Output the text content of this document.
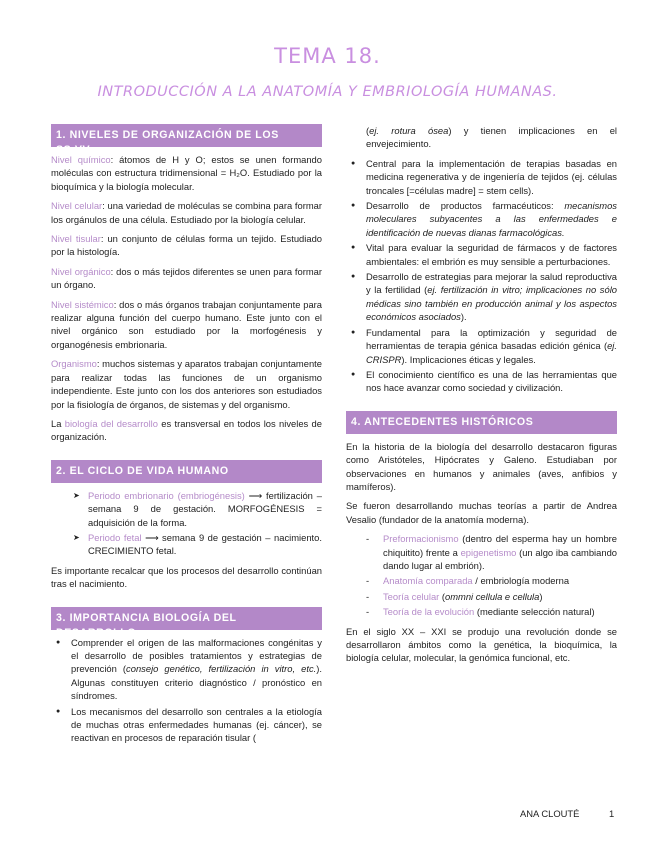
TEMA 18.
INTRODUCCIÓN A LA ANATOMÍA Y EMBRIOLOGÍA HUMANAS.
1. NIVELES DE ORGANIZACIÓN DE LOS SS.VV.

Nivel químico: átomos de H y O; estos se unen formando moléculas con estructura tridimensional = H₂O. Estudiado por la bioquímica y la biología molecular.

Nivel celular: una variedad de moléculas se combina para formar los orgánulos de una célula. Estudiado por la biología celular.

Nivel tisular: un conjunto de células forma un tejido. Estudiado por la histología.

Nivel orgánico: dos o más tejidos diferentes se unen para formar un órgano.

Nivel sistémico: dos o más órganos trabajan conjuntamente para realizar alguna función del cuerpo humano. Este junto con el nivel orgánico son estudiado por la morfogénesis y organogénesis embrionaria.

Organismo: muchos sistemas y aparatos trabajan conjuntamente para realizar todas las funciones de un organismo independiente. Este junto con los dos anteriores son estudiados por la fisiología de órganos, de sistemas y del organismo.

La biología del desarrollo es transversal en todos los niveles de organización.

2. EL CICLO DE VIDA HUMANO
➤ Periodo embrionario (embriogénesis) ⟶ fertilización – semana 9 de gestación. MORFOGÉNESIS = adquisición de la forma.
➤ Periodo fetal ⟶ semana 9 de gestación – nacimiento. CRECIMIENTO fetal.

Es importante recalcar que los procesos del desarrollo continúan tras el nacimiento.

3. IMPORTANCIA BIOLOGÍA DEL DESARROLLO
● Comprender el origen de las malformaciones congénitas y el desarrollo de posibles tratamientos y estrategias de prevención (consejo genético, fertilización in vitro, etc.). Algunas constituyen criterio diagnóstico / pronóstico en síndromes.
● Los mecanismos del desarrollo son centrales a la etiología de muchas otras enfermedades humanas (ej. cáncer), se reactivan en procesos de reparación tisular (

(ej. rotura ósea) y tienen implicaciones en el envejecimiento.

● Central para la implementación de terapias basadas en medicina regenerativa y de ingeniería de tejidos (ej. células troncales [=células madre] = stem cells).
● Desarrollo de productos farmacéuticos: mecanismos moleculares subyacentes a las enfermedades e identificación de nuevas dianas farmacológicas.
● Vital para evaluar la seguridad de fármacos y de factores ambientales: el embrión es muy sensible a perturbaciones.
● Desarrollo de estrategias para mejorar la salud reproductiva y la fertilidad (ej. fertilización in vitro; implicaciones no sólo médicas sino también en producción animal y los aspectos económicos asociados).
● Fundamental para la optimización y seguridad de herramientas de terapia génica basadas edición génica (ej. CRISPR). Implicaciones éticas y legales.
● El conocimiento científico es una de las herramientas que nos hace avanzar como sociedad y civilización.
4. ANTECEDENTES HISTÓRICOS

En la historia de la biología del desarrollo destacaron figuras como Aristóteles, Hipócrates y Galeno. Estudiaban por observaciones en humanos y animales (aves, anfibios y mamíferos).

Se fueron desarrollando muchas teorías a partir de Andrea Vesalio (fundador de la anatomía moderna).

- Preformacionismo (dentro del esperma hay un hombre chiquitito) frente a epigenetismo (un algo iba cambiando dando lugar al embrión).
- Anatomía comparada / embriología moderna
- Teoría celular (ommni cellula e cellula)
- Teoría de la evolución (mediante selección natural)

En el siglo XX – XXI se produjo una revolución donde se desarrollaron ámbitos como la genética, la bioquímica, la biología celular, molecular, la genómica funcional, etc.

ANA CLOUTÉ	1
